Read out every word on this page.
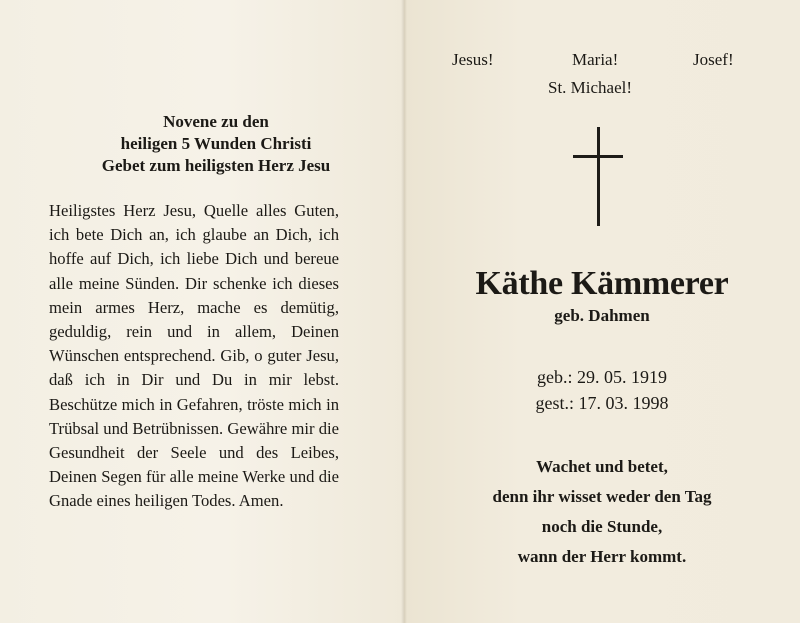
Novene zu den
heiligen 5 Wunden Christi
Gebet zum heiligsten Herz Jesu
Heiligstes Herz Jesu, Quelle alles Guten, ich bete Dich an, ich glaube an Dich, ich hoffe auf Dich, ich liebe Dich und bereue alle meine Sünden. Dir schenke ich dieses mein armes Herz, mache es demütig, geduldig, rein und in allem, Deinen Wünschen entsprechend. Gib, o guter Jesu, daß ich in Dir und Du in mir lebst. Beschütze mich in Gefahren, tröste mich in Trübsal und Betrübnissen. Gewähre mir die Gesundheit der Seele und des Leibes, Deinen Segen für alle meine Werke und die Gnade eines heiligen Todes. Amen.
Jesus!	Maria!	Josef!
St. Michael!
Käthe Kämmerer
geb. Dahmen
geb.: 29. 05. 1919
gest.: 17. 03. 1998
Wachet und betet,
denn ihr wisset weder den Tag
noch die Stunde,
wann der Herr kommt.
